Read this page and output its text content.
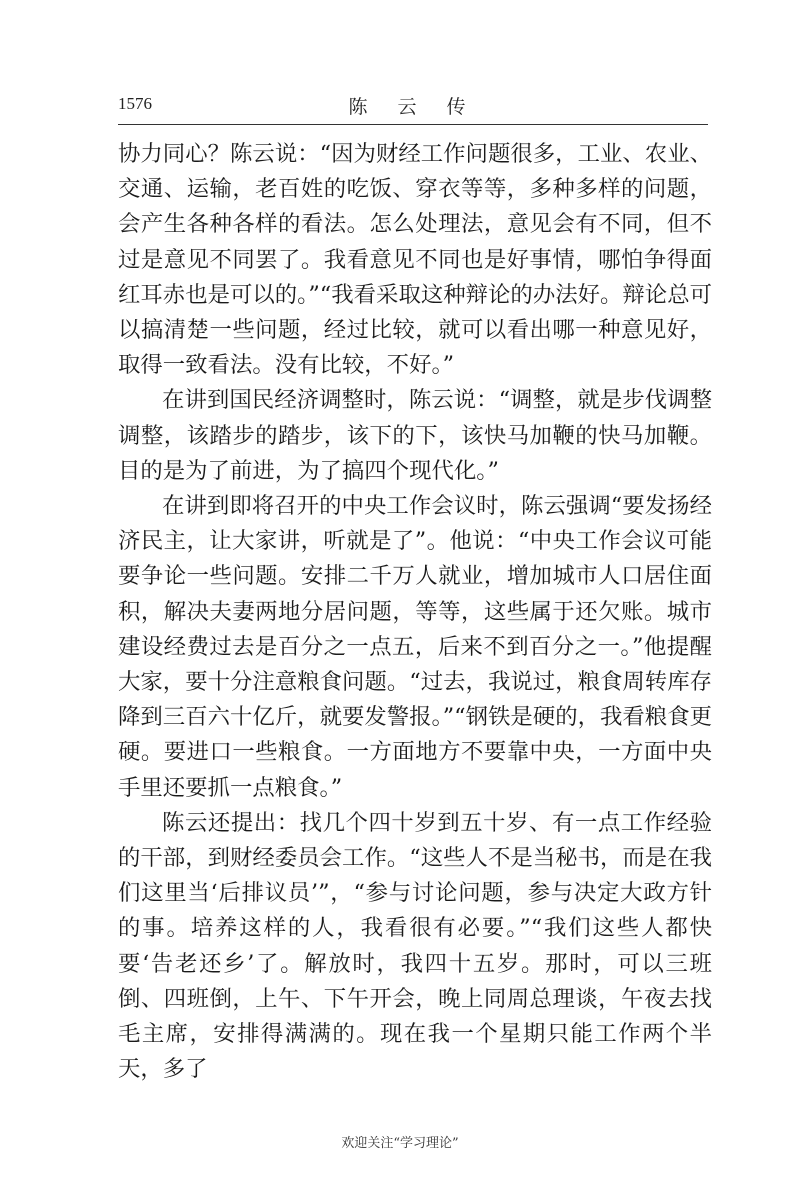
1576	陈 云 传

协力同心？陈云说：“因为财经工作问题很多，工业、农业、交通、运输，老百姓的吃饭、穿衣等等，多种多样的问题，会产生各种各样的看法。怎么处理法，意见会有不同，但不过是意见不同罢了。我看意见不同也是好事情，哪怕争得面红耳赤也是可以的。”“我看采取这种辩论的办法好。辩论总可以搞清楚一些问题，经过比较，就可以看出哪一种意见好，取得一致看法。没有比较，不好。”

在讲到国民经济调整时，陈云说：“调整，就是步伐调整调整，该踏步的踏步，该下的下，该快马加鞭的快马加鞭。目的是为了前进，为了搞四个现代化。”

在讲到即将召开的中央工作会议时，陈云强调“要发扬经济民主，让大家讲，听就是了”。他说：“中央工作会议可能要争论一些问题。安排二千万人就业，增加城市人口居住面积，解决夫妻两地分居问题，等等，这些属于还欠账。城市建设经费过去是百分之一点五，后来不到百分之一。”他提醒大家，要十分注意粮食问题。“过去，我说过，粮食周转库存降到三百六十亿斤，就要发警报。”“钢铁是硬的，我看粮食更硬。要进口一些粮食。一方面地方不要靠中央，一方面中央手里还要抓一点粮食。”

陈云还提出：找几个四十岁到五十岁、有一点工作经验的干部，到财经委员会工作。“这些人不是当秘书，而是在我们这里当‘后排议员’”，“参与讨论问题，参与决定大政方针的事。培养这样的人，我看很有必要。”“我们这些人都快要‘告老还乡’了。解放时，我四十五岁。那时，可以三班倒、四班倒，上午、下午开会，晚上同周总理谈，午夜去找毛主席，安排得满满的。现在我一个星期只能工作两个半天，多了

欢迎关注“学习理论”
